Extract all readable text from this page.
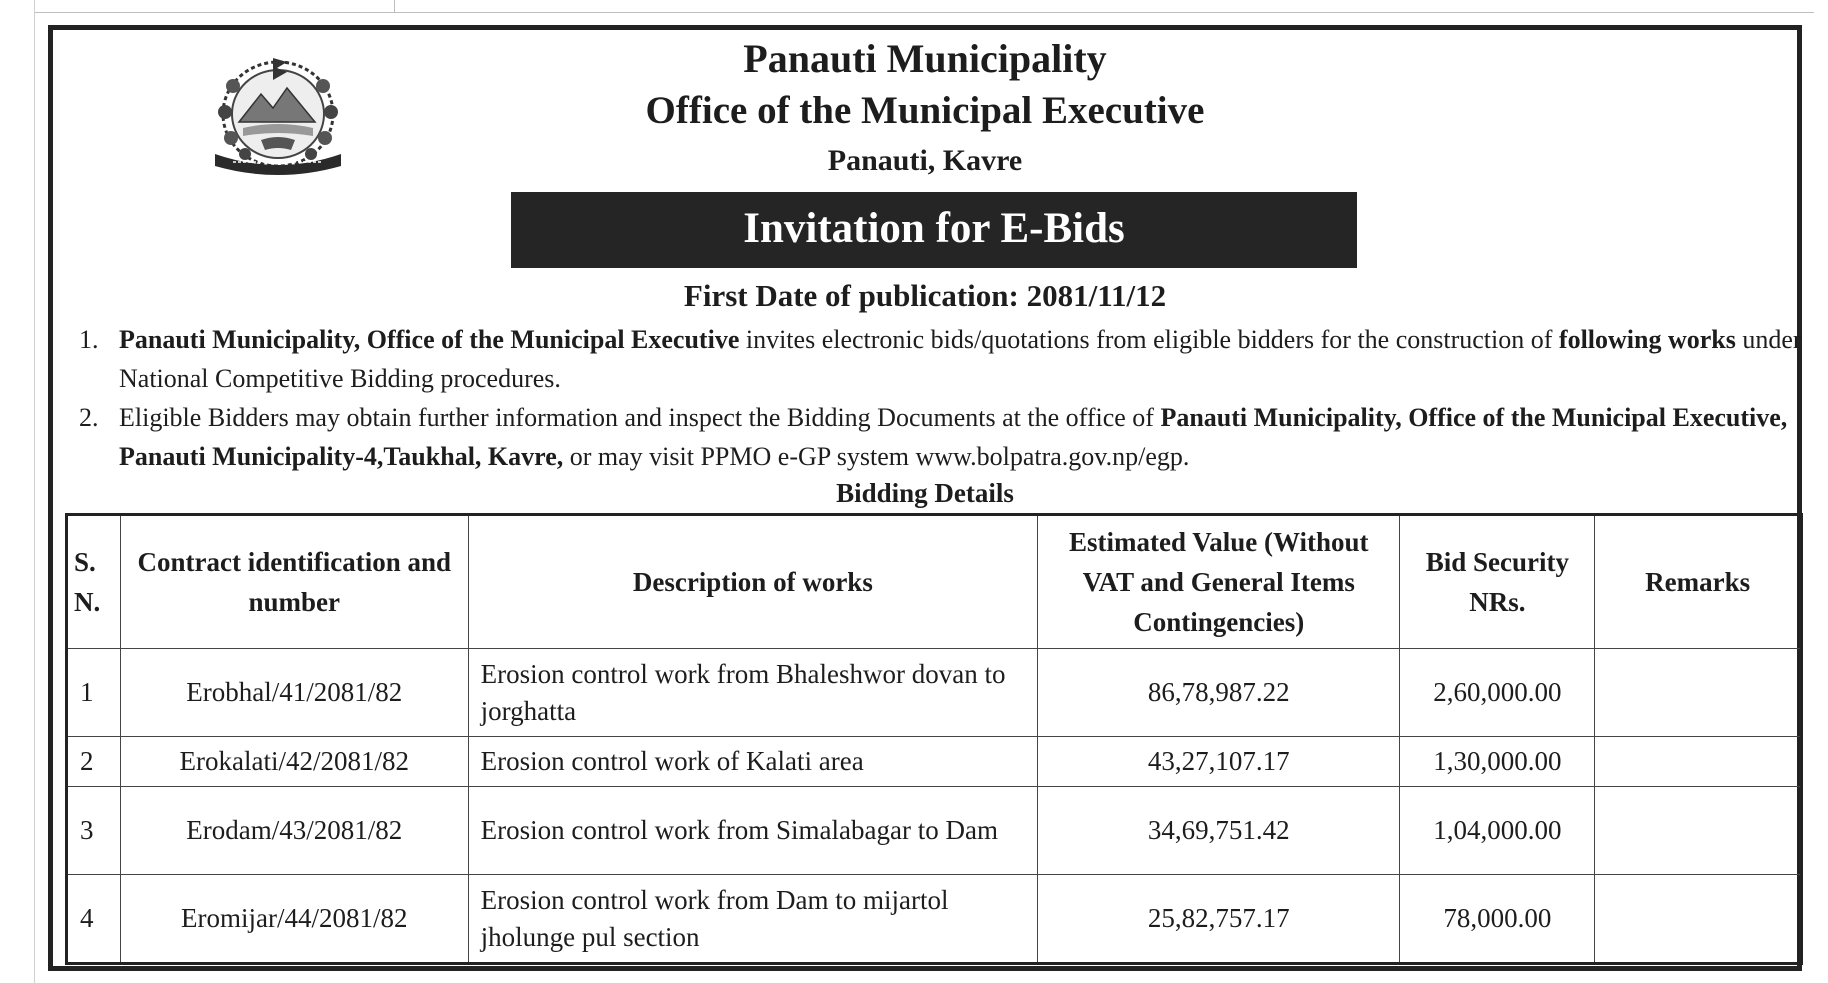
Panauti Municipality
Office of the Municipal Executive
Panauti, Kavre
Invitation for E-Bids
First Date of publication: 2081/11/12
1. Panauti Municipality, Office of the Municipal Executive invites electronic bids/quotations from eligible bidders for the construction of following works under National Competitive Bidding procedures.
2. Eligible Bidders may obtain further information and inspect the Bidding Documents at the office of Panauti Municipality, Office of the Municipal Executive, Panauti Municipality-4,Taukhal, Kavre, or may visit PPMO e-GP system www.bolpatra.gov.np/egp.
Bidding Details
S. N.	Contract identification and number	Description of works	Estimated Value (Without VAT and General Items Contingencies)	Bid Security NRs.	Remarks
1	Erobhal/41/2081/82	Erosion control work from Bhaleshwor dovan to jorghatta	86,78,987.22	2,60,000.00	
2	Erokalati/42/2081/82	Erosion control work of Kalati area	43,27,107.17	1,30,000.00	
3	Erodam/43/2081/82	Erosion control work from Simalabagar to Dam	34,69,751.42	1,04,000.00	
4	Eromijar/44/2081/82	Erosion control work from Dam to mijartol jholunge pul section	25,82,757.17	78,000.00	
